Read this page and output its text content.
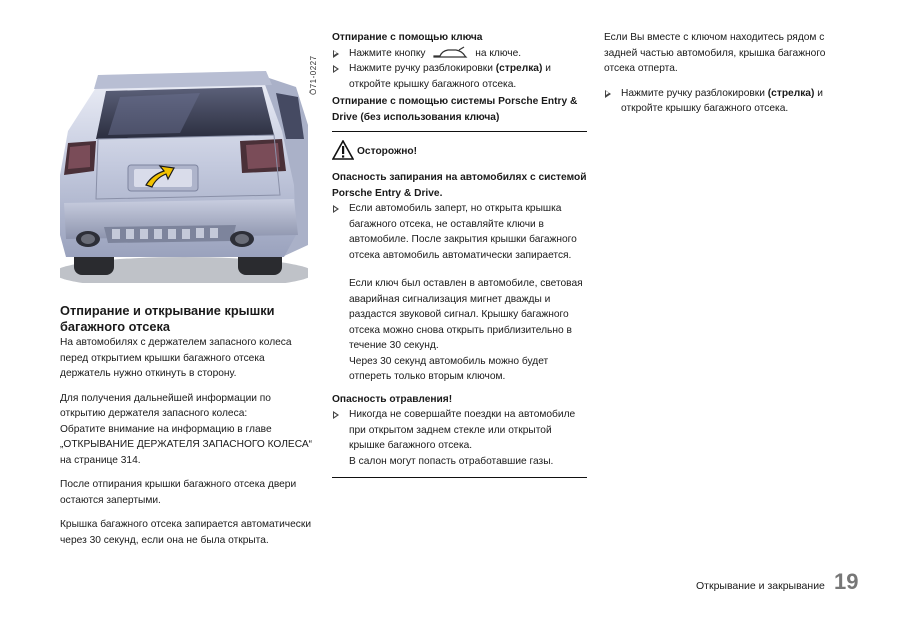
Ö71-0227

Отпирание и открывание крышки багажного отсека

На автомобилях с держателем запасного колеса перед открытием крышки багажного отсека держатель нужно откинуть в сторону.

Для получения дальнейшей информации по открытию держателя запасного колеса:

Обратите внимание на информацию в главе „ОТКРЫВАНИЕ ДЕРЖАТЕЛЯ ЗАПАСНОГО КОЛЕСА“ на странице 314.

После отпирания крышки багажного отсека двери остаются запертыми.

Крышка багажного отсека запирается автоматически через 30 секунд, если она не была открыта.

Отпирание с помощью ключа

Нажмите кнопку	на ключе.

Нажмите ручку разблокировки (стрелка) и откройте крышку багажного отсека.

Отпирание с помощью системы Porsche Entry & Drive (без использования ключа)

Осторожно!

Опасность запирания на автомобилях с системой Porsche Entry & Drive.

Если автомобиль заперт, но открыта крышка багажного отсека, не оставляйте ключи в автомобиле. После закрытия крышки багажного отсека автомобиль автоматически запирается.

Если ключ был оставлен в автомобиле, световая аварийная сигнализация мигнет дважды и раздастся звуковой сигнал. Крышку багажного отсека можно снова открыть приблизительно в течение 30 секунд.

Через 30 секунд автомобиль можно будет отпереть только вторым ключом.

Опасность отравления!

Никогда не совершайте поездки на автомобиле при открытом заднем стекле или открытой крышке багажного отсека.
В салон могут попасть отработавшие газы.

Если Вы вместе с ключом находитесь рядом с задней частью автомобиля, крышка багажного отсека отперта.

Нажмите ручку разблокировки (стрелка) и откройте крышку багажного отсека.

Открывание и закрывание 19
